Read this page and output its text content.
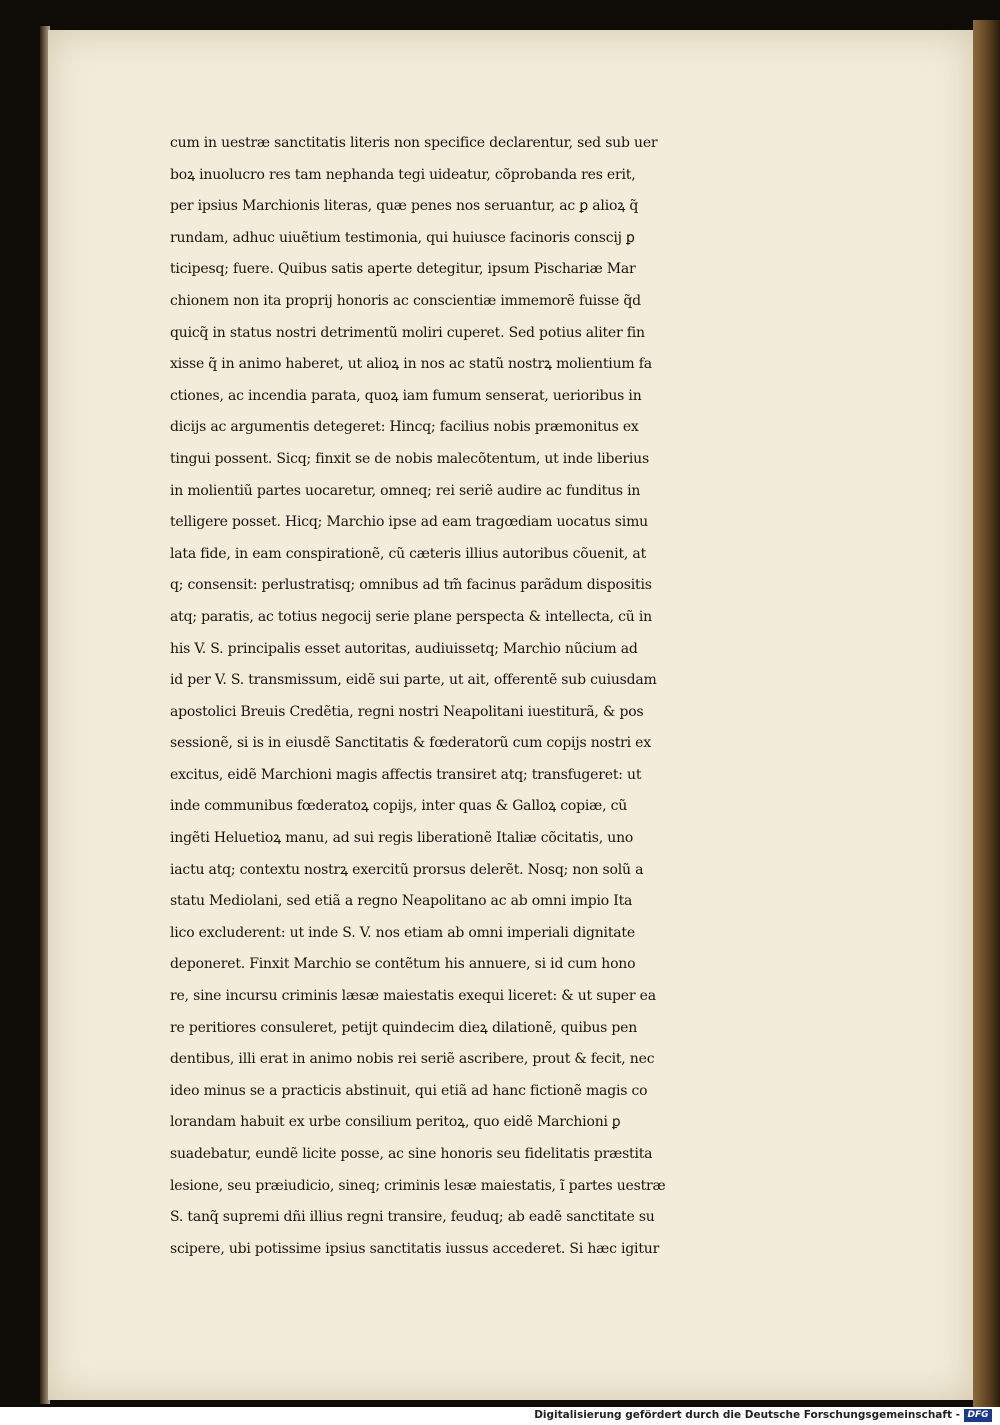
cum in uestræ sanctitatis literis non specifice declarentur, sed sub uer
boꝝ inuolucro res tam nephanda tegi uideatur, cõprobanda res erit,
per ipsius Marchionis literas, quæ penes nos seruantur, ac ꝑ alioꝝ q̃
rundam, adhuc uiuẽtium testimonia, qui huiusce facinoris conscij ꝑ
ticipesq; fuere. Quibus satis aperte detegitur, ipsum Pischariæ Mar
chionem non ita proprij honoris ac conscientiæ immemorẽ fuisse q̃d
quicq̃ in status nostri detrimentũ moliri cuperet. Sed potius aliter fin
xisse q̃ in animo haberet, ut alioꝝ in nos ac statũ nostrꝝ molientium fa
ctiones, ac incendia parata, quoꝝ iam fumum senserat, uerioribus in
dicijs ac argumentis detegeret: Hincq; facilius nobis præmonitus ex
tingui possent. Sicq; finxit se de nobis malecõtentum, ut inde liberius
in molientiũ partes uocaretur, omneq; rei seriẽ audire ac funditus in
telligere posset. Hicq; Marchio ipse ad eam tragœdiam uocatus simu
lata fide, in eam conspirationẽ, cũ cæteris illius autoribus cõuenit, at
q; consensit: perlustratisq; omnibus ad tm̃ facinus parãdum dispositis
atq; paratis, ac totius negocij serie plane perspecta & intellecta, cũ in
his V. S. principalis esset autoritas, audiuissetq; Marchio nũcium ad
id per V. S. transmissum, eidẽ sui parte, ut ait, offerentẽ sub cuiusdam
apostolici Breuis Credẽtia, regni nostri Neapolitani iuestiturã, & pos
sessionẽ, si is in eiusdẽ Sanctitatis & fœderatorũ cum copijs nostri ex
excitus, eidẽ Marchioni magis affectis transiret atq; transfugeret: ut
inde communibus fœderatoꝝ copijs, inter quas & Galloꝝ copiæ, cũ
ingẽti Heluetioꝝ manu, ad sui regis liberationẽ Italiæ cõcitatis, uno
iactu atq; contextu nostrꝝ exercitũ prorsus delerẽt. Nosq; non solũ a
statu Mediolani, sed etiã a regno Neapolitano ac ab omni impio Ita
lico excluderent: ut inde S. V. nos etiam ab omni imperiali dignitate
deponeret. Finxit Marchio se contẽtum his annuere, si id cum hono
re, sine incursu criminis læsæ maiestatis exequi liceret: & ut super ea
re peritiores consuleret, petijt quindecim dieꝝ dilationẽ, quibus pen
dentibus, illi erat in animo nobis rei seriẽ ascribere, prout & fecit, nec
ideo minus se a practicis abstinuit, qui etiã ad hanc fictionẽ magis co
lorandam habuit ex urbe consilium peritoꝝ, quo eidẽ Marchioni ꝑ
suadebatur, eundẽ licite posse, ac sine honoris seu fidelitatis præstita
lesione, seu præiudicio, sineq; criminis lesæ maiestatis, ĩ partes uestræ
S. tanq̃ supremi dñi illius regni transire, feuduq; ab eadẽ sanctitate su
scipere, ubi potissime ipsius sanctitatis iussus accederet. Si hæc igitur
Digitalisierung gefördert durch die Deutsche Forschungsgemeinschaft - DFG
